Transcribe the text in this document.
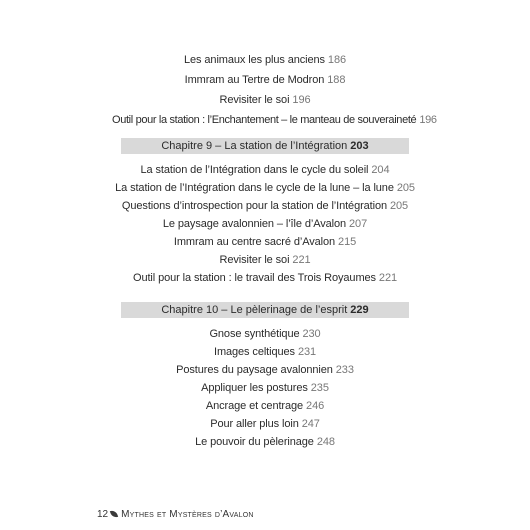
Les animaux les plus anciens 186
Immram au Tertre de Modron 188
Revisiter le soi 196
Outil pour la station : l’Enchantement – le manteau de souveraineté 196
Chapitre 9 – La station de l’Intégration 203
La station de l’Intégration dans le cycle du soleil 204
La station de l’Intégration dans le cycle de la lune – la lune 205
Questions d’introspection pour la station de l’Intégration 205
Le paysage avalonnien – l’île d’Avalon 207
Immram au centre sacré d’Avalon 215
Revisiter le soi 221
Outil pour la station : le travail des Trois Royaumes 221
Chapitre 10 – Le pèlerinage de l’esprit 229
Gnose synthétique 230
Images celtiques 231
Postures du paysage avalonnien 233
Appliquer les postures 235
Ancrage et centrage 246
Pour aller plus loin 247
Le pouvoir du pèlerinage 248
12 Mythes et Mystères d’Avalon
